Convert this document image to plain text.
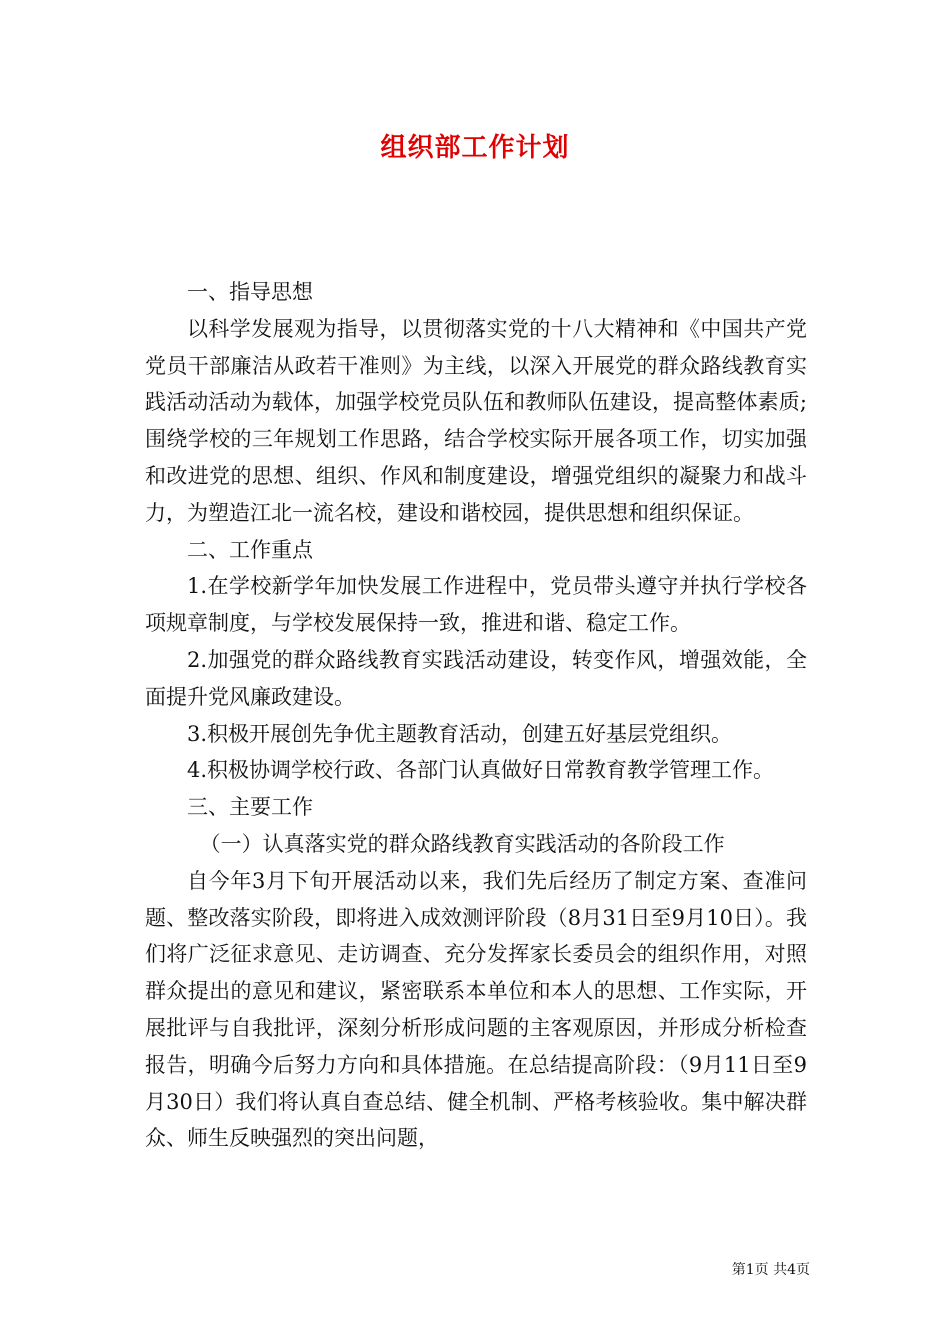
组织部工作计划

一、指导思想

以科学发展观为指导，以贯彻落实党的十八大精神和《中国共产党党员干部廉洁从政若干准则》为主线，以深入开展党的群众路线教育实践活动活动为载体，加强学校党员队伍和教师队伍建设，提高整体素质;围绕学校的三年规划工作思路，结合学校实际开展各项工作，切实加强和改进党的思想、组织、作风和制度建设，增强党组织的凝聚力和战斗力，为塑造江北一流名校，建设和谐校园，提供思想和组织保证。

二、工作重点

1.在学校新学年加快发展工作进程中，党员带头遵守并执行学校各项规章制度，与学校发展保持一致，推进和谐、稳定工作。

2.加强党的群众路线教育实践活动建设，转变作风，增强效能，全面提升党风廉政建设。

3.积极开展创先争优主题教育活动，创建五好基层党组织。

4.积极协调学校行政、各部门认真做好日常教育教学管理工作。

三、主要工作

（一）认真落实党的群众路线教育实践活动的各阶段工作

自今年3月下旬开展活动以来，我们先后经历了制定方案、查准问题、整改落实阶段，即将进入成效测评阶段（8月31日至9月10日）。我们将广泛征求意见、走访调查、充分发挥家长委员会的组织作用，对照群众提出的意见和建议，紧密联系本单位和本人的思想、工作实际，开展批评与自我批评，深刻分析形成问题的主客观原因，并形成分析检查报告，明确今后努力方向和具体措施。在总结提高阶段：（9月11日至9月30日）我们将认真自查总结、健全机制、严格考核验收。集中解决群众、师生反映强烈的突出问题，

第1页 共4页
